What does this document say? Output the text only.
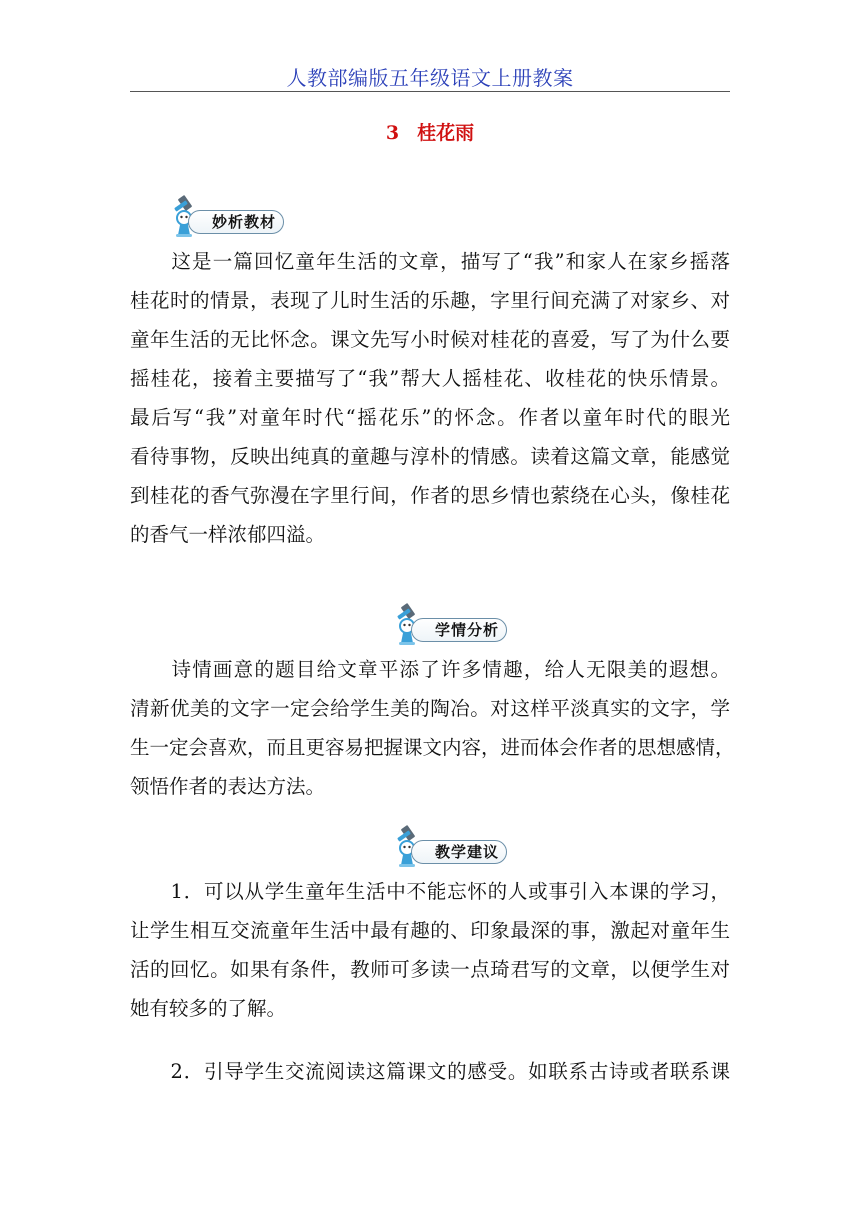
人教部编版五年级语文上册教案
3 桂花雨
妙析教材
　　这是一篇回忆童年生活的文章，描写了“我”和家人在家乡摇落
桂花时的情景，表现了儿时生活的乐趣，字里行间充满了对家乡、对
童年生活的无比怀念。课文先写小时候对桂花的喜爱，写了为什么要
摇桂花，接着主要描写了“我”帮大人摇桂花、收桂花的快乐情景。
最后写“我”对童年时代“摇花乐”的怀念。作者以童年时代的眼光
看待事物，反映出纯真的童趣与淳朴的情感。读着这篇文章，能感觉
到桂花的香气弥漫在字里行间，作者的思乡情也萦绕在心头，像桂花
的香气一样浓郁四溢。
学情分析
　　诗情画意的题目给文章平添了许多情趣，给人无限美的遐想。
清新优美的文字一定会给学生美的陶冶。对这样平淡真实的文字，学
生一定会喜欢，而且更容易把握课文内容，进而体会作者的思想感情，
领悟作者的表达方法。
教学建议
　　1．可以从学生童年生活中不能忘怀的人或事引入本课的学习，
让学生相互交流童年生活中最有趣的、印象最深的事，激起对童年生
活的回忆。如果有条件，教师可多读一点琦君写的文章，以便学生对
她有较多的了解。
　　2．引导学生交流阅读这篇课文的感受。如联系古诗或者联系课
